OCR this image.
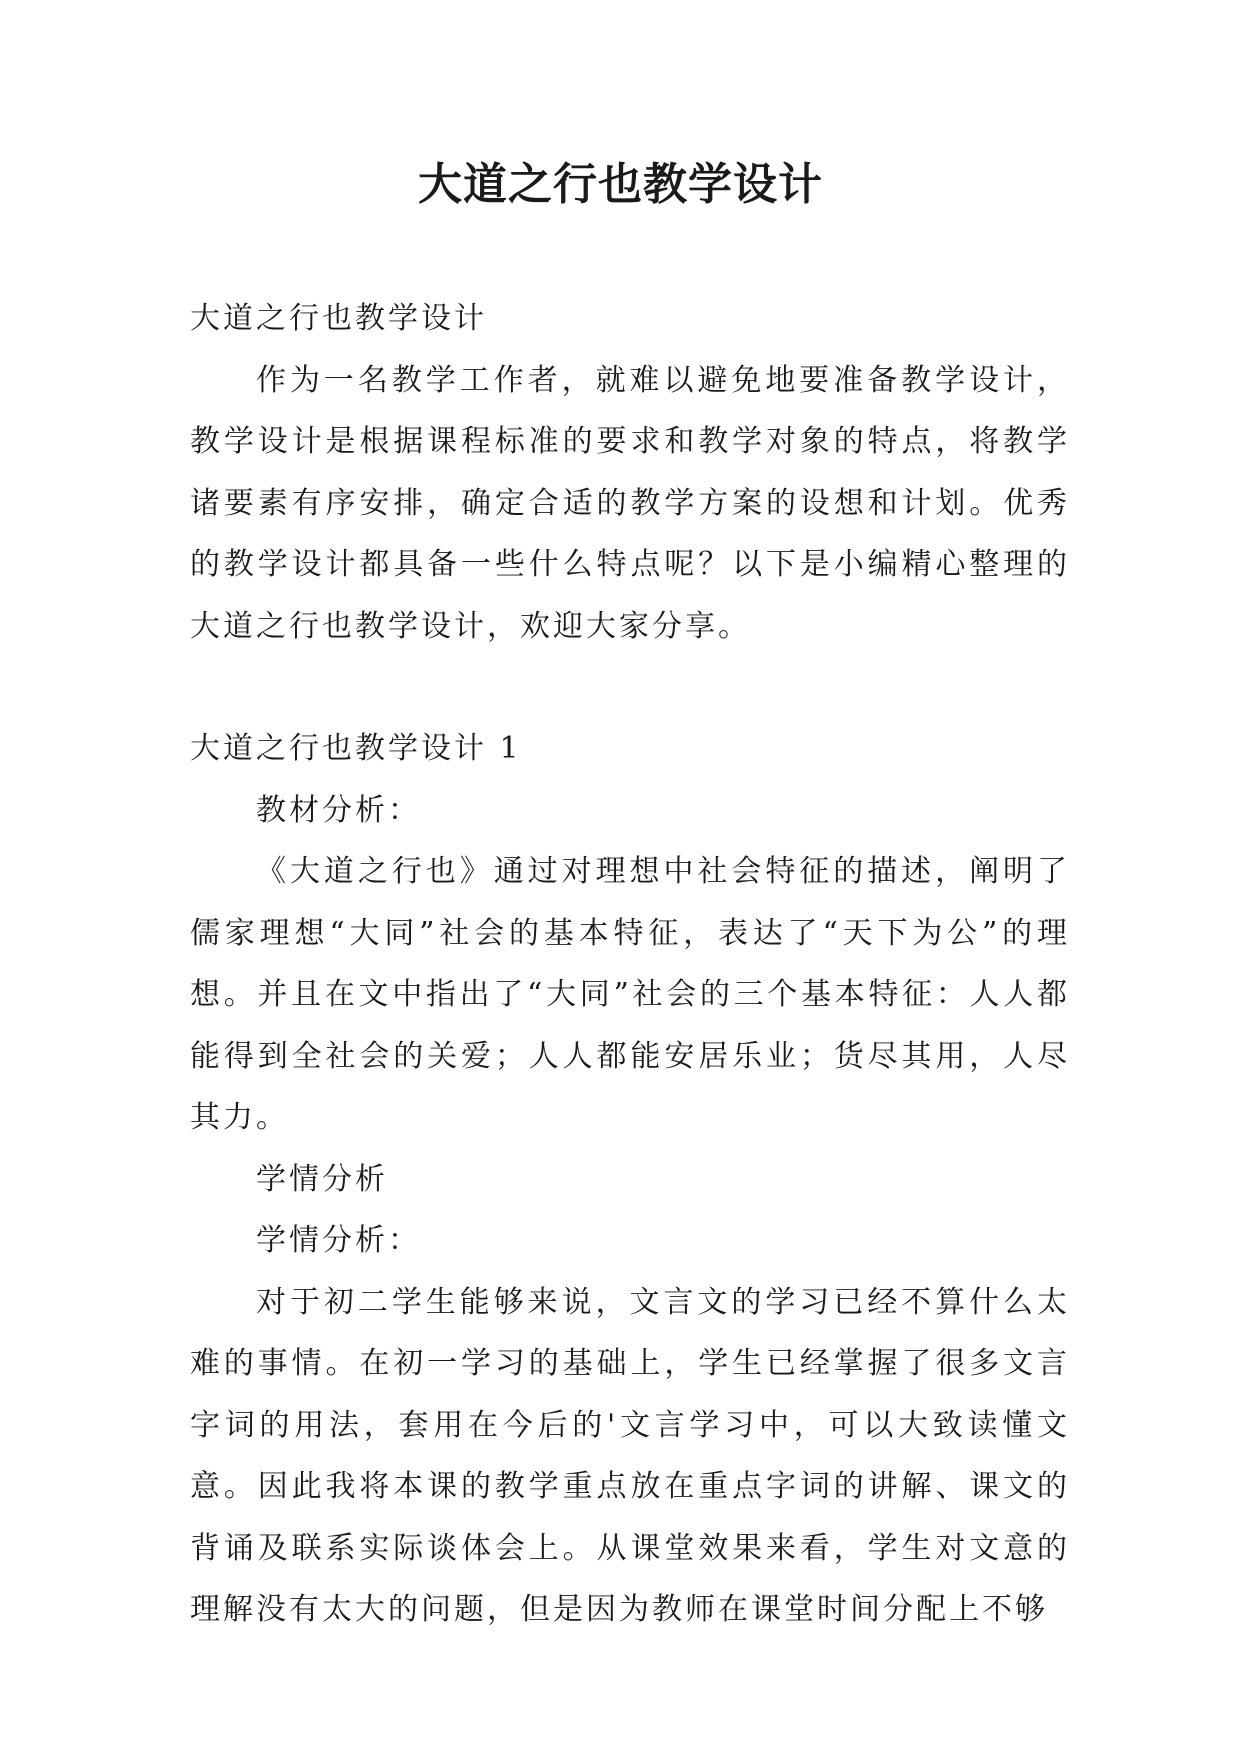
大道之行也教学设计

大道之行也教学设计

作为一名教学工作者，就难以避免地要准备教学设计，教学设计是根据课程标准的要求和教学对象的特点，将教学诸要素有序安排，确定合适的教学方案的设想和计划。优秀的教学设计都具备一些什么特点呢？以下是小编精心整理的大道之行也教学设计，欢迎大家分享。

大道之行也教学设计 1

教材分析：

《大道之行也》通过对理想中社会特征的描述，阐明了儒家理想“大同”社会的基本特征，表达了“天下为公”的理想。并且在文中指出了“大同”社会的三个基本特征：人人都能得到全社会的关爱；人人都能安居乐业；货尽其用，人尽其力。

学情分析

学情分析：

对于初二学生能够来说，文言文的学习已经不算什么太难的事情。在初一学习的基础上，学生已经掌握了很多文言字词的用法，套用在今后的'文言学习中，可以大致读懂文意。因此我将本课的教学重点放在重点字词的讲解、课文的背诵及联系实际谈体会上。从课堂效果来看，学生对文意的理解没有太大的问题，但是因为教师在课堂时间分配上不够
